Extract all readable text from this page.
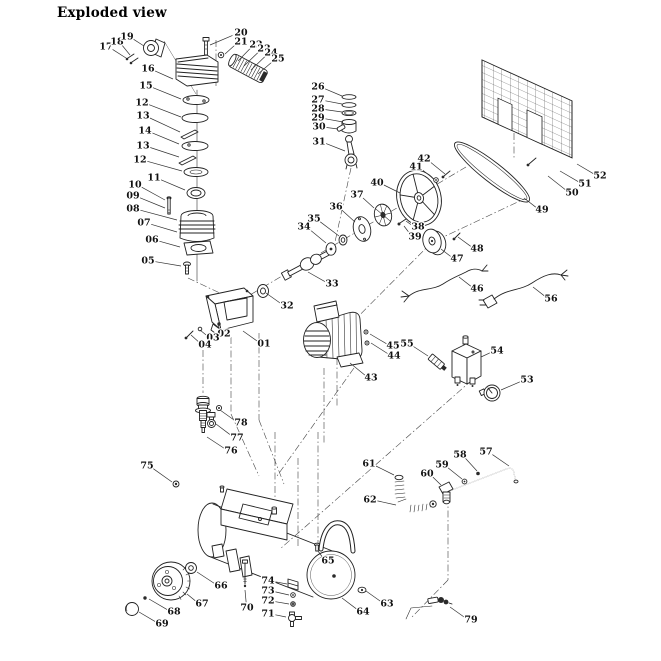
Exploded view
01
02
03
04
05
06
07
08
09
10
11
12
13
14
13
12
15
16
17
18
19	20
21 22
23
24
25
26
27
28
29
30
31
32
33
34
35
36
37
38
39
40
41
42
43
44
45
46
47
48
49
50
51
52
53
54
55
56
57
58
59
60
61
62
63
64
65
66
67
68
69
70
71
72
73
74
75
76
77
78
79
